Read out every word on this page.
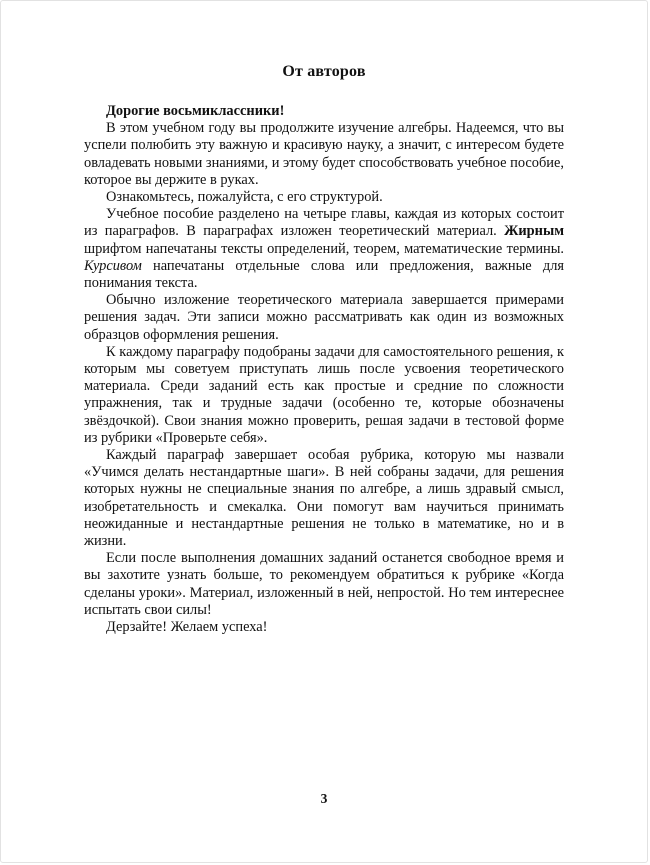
От авторов

Дорогие восьмиклассники!

В этом учебном году вы продолжите изучение алгебры. Надеемся, что вы успели полюбить эту важную и красивую науку, а значит, с интересом будете овладевать новыми знаниями, и этому будет способствовать учебное пособие, которое вы держите в руках.

Ознакомьтесь, пожалуйста, с его структурой.

Учебное пособие разделено на четыре главы, каждая из которых состоит из параграфов. В параграфах изложен теоретический материал. Жирным шрифтом напечатаны тексты определений, теорем, математические термины. Курсивом напечатаны отдельные слова или предложения, важные для понимания текста.

Обычно изложение теоретического материала завершается примерами решения задач. Эти записи можно рассматривать как один из возможных образцов оформления решения.

К каждому параграфу подобраны задачи для самостоятельного решения, к которым мы советуем приступать лишь после усвоения теоретического материала. Среди заданий есть как простые и средние по сложности упражнения, так и трудные задачи (особенно те, которые обозначены звёздочкой). Свои знания можно проверить, решая задачи в тестовой форме из рубрики «Проверьте себя».

Каждый параграф завершает особая рубрика, которую мы назвали «Учимся делать нестандартные шаги». В ней собраны задачи, для решения которых нужны не специальные знания по алгебре, а лишь здравый смысл, изобретательность и смекалка. Они помогут вам научиться принимать неожиданные и нестандартные решения не только в математике, но и в жизни.

Если после выполнения домашних заданий останется свободное время и вы захотите узнать больше, то рекомендуем обратиться к рубрике «Когда сделаны уроки». Материал, изложенный в ней, непростой. Но тем интереснее испытать свои силы!

Дерзайте! Желаем успеха!

3
